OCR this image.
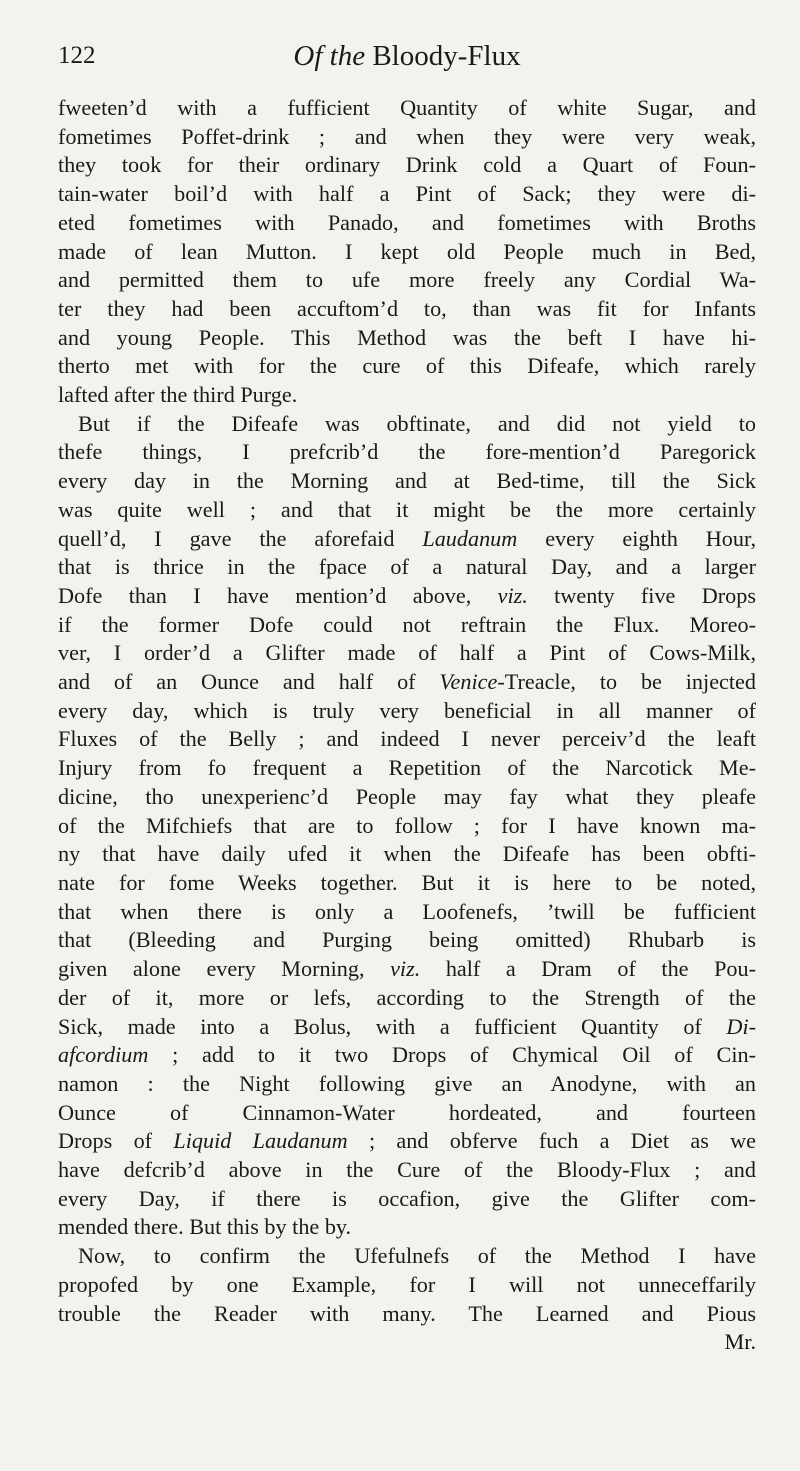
122	Of the Bloody-Flux
fweeten’d with a fufficient Quantity of white Sugar, and
fometimes Poffet-drink ; and when they were very weak,
they took for their ordinary Drink cold a Quart of Foun-
tain-water boil’d with half a Pint of Sack; they were di-
eted fometimes with Panado, and fometimes with Broths
made of lean Mutton. I kept old People much in Bed,
and permitted them to ufe more freely any Cordial Wa-
ter they had been accuftom’d to, than was fit for Infants
and young People. This Method was the beft I have hi-
therto met with for the cure of this Difeafe, which rarely
lafted after the third Purge.
But if the Difeafe was obftinate, and did not yield to
thefe things, I prefcrib’d the fore-mention’d Paregorick
every day in the Morning and at Bed-time, till the Sick
was quite well ; and that it might be the more certainly
quell’d, I gave the aforefaid Laudanum every eighth Hour,
that is thrice in the fpace of a natural Day, and a larger
Dofe than I have mention’d above, viz. twenty five Drops
if the former Dofe could not reftrain the Flux. Moreo-
ver, I order’d a Glifter made of half a Pint of Cows-Milk,
and of an Ounce and half of Venice-Treacle, to be injected
every day, which is truly very beneficial in all manner of
Fluxes of the Belly ; and indeed I never perceiv’d the leaft
Injury from fo frequent a Repetition of the Narcotick Me-
dicine, tho unexperienc’d People may fay what they pleafe
of the Mifchiefs that are to follow ; for I have known ma-
ny that have daily ufed it when the Difeafe has been obfti-
nate for fome Weeks together. But it is here to be noted,
that when there is only a Loofenefs, ’twill be fufficient
that (Bleeding and Purging being omitted) Rhubarb is
given alone every Morning, viz. half a Dram of the Pou-
der of it, more or lefs, according to the Strength of the
Sick, made into a Bolus, with a fufficient Quantity of Di-
afcordium ; add to it two Drops of Chymical Oil of Cin-
namon : the Night following give an Anodyne, with an
Ounce of Cinnamon-Water hordeated, and fourteen
Drops of Liquid Laudanum ; and obferve fuch a Diet as we
have defcrib’d above in the Cure of the Bloody-Flux ; and
every Day, if there is occafion, give the Glifter com-
mended there. But this by the by.
Now, to confirm the Ufefulnefs of the Method I have
propofed by one Example, for I will not unneceffarily
trouble the Reader with many. The Learned and Pious
Mr.
